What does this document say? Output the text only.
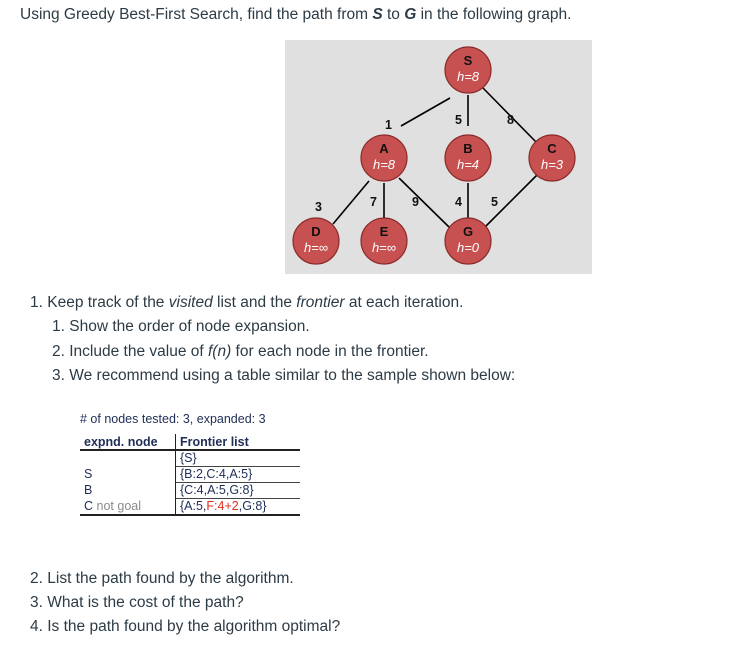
Using Greedy Best-First Search, find the path from S to G in the following graph.
1	5	8
3	7	9	4 5
S
h=8
A
h=8
B
h=4
C
h=3
D
h=∞
E
h=∞
G
h=0
1. Keep track of the visited list and the frontier at each iteration.
1. Show the order of node expansion.
2. Include the value of f(n) for each node in the frontier.
3. We recommend using a table similar to the sample shown below:
# of nodes tested: 3, expanded: 3
expnd. node	Frontier list
	{S}
S	{B:2,C:4,A:5}
B	{C:4,A:5,G:8}
C not goal	{A:5,F:4+2,G:8}
2. List the path found by the algorithm.
3. What is the cost of the path?
4. Is the path found by the algorithm optimal?
